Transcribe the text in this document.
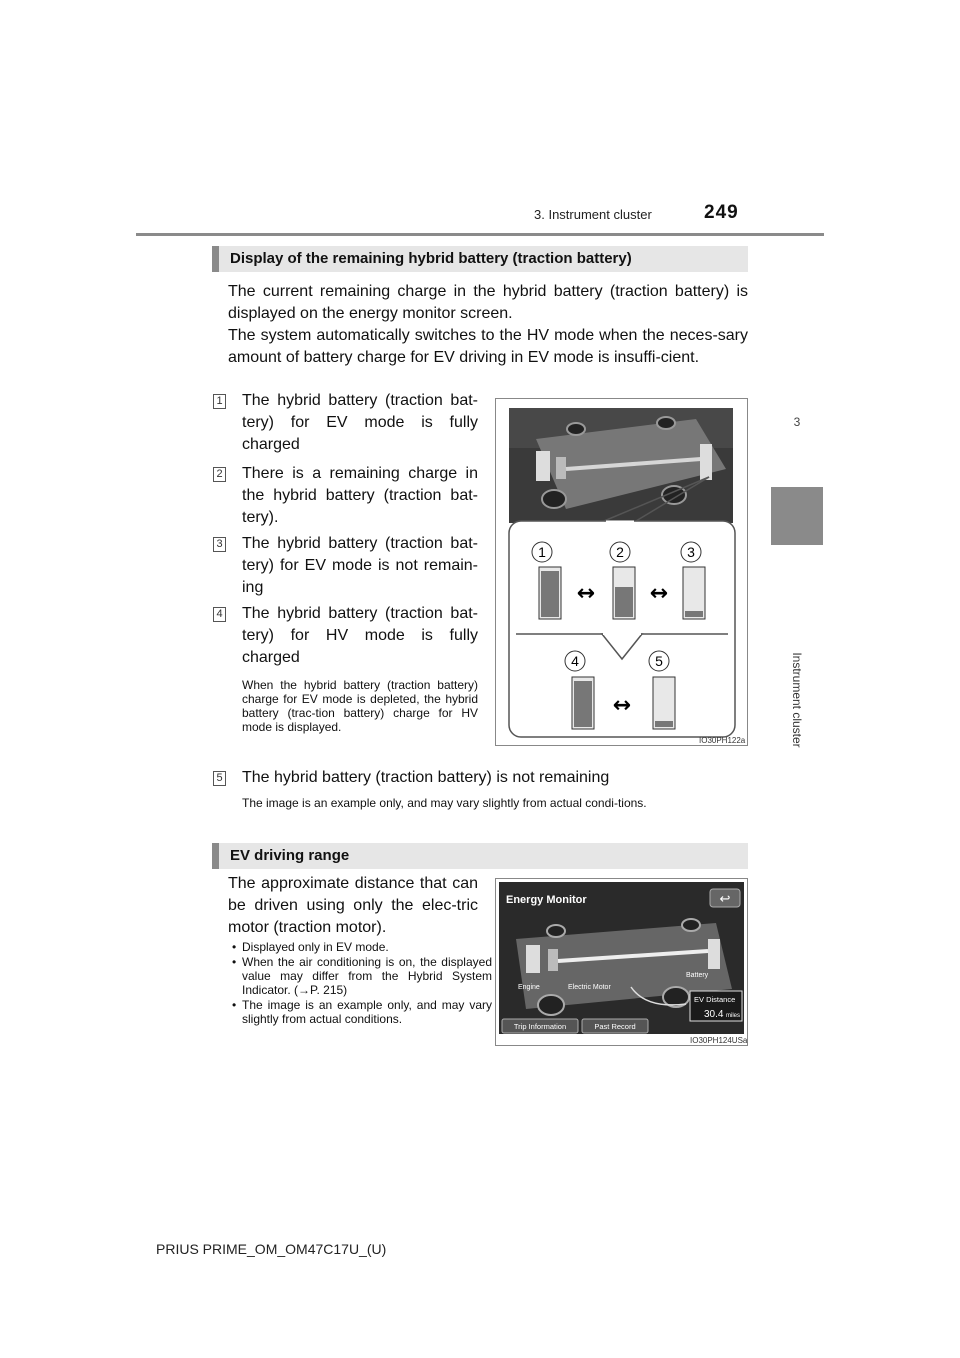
3. Instrument cluster	249
3
Instrument cluster
Display of the remaining hybrid battery (traction battery)
The current remaining charge in the hybrid battery (traction battery) is displayed on the energy monitor screen.
The system automatically switches to the HV mode when the neces-sary amount of battery charge for EV driving in EV mode is insuffi-cient.
1 The hybrid battery (traction bat-tery) for EV mode is fully charged
2 There is a remaining charge in the hybrid battery (traction bat-tery).
3 The hybrid battery (traction bat-tery) for EV mode is not remain-ing
4 The hybrid battery (traction bat-tery) for HV mode is fully charged
When the hybrid battery (traction battery) charge for EV mode is depleted, the hybrid battery (trac-tion battery) charge for HV mode is displayed.
5 The hybrid battery (traction battery) is not remaining
The image is an example only, and may vary slightly from actual condi-tions.
1	2	3
↔ ↔
4	5
↔
IO30PH122a
EV driving range
The approximate distance that can be driven using only the elec-tric motor (traction motor).
• Displayed only in EV mode.
• When the air conditioning is on, the displayed value may differ from the Hybrid System Indicator. (→P. 215)
• The image is an example only, and may vary slightly from actual conditions.
Energy Monitor	↩
Engine	Electric Motor
Battery
EV Distance
30.4 miles
Trip Information	Past Record
IO30PH124USa
PRIUS PRIME_OM_OM47C17U_(U)
